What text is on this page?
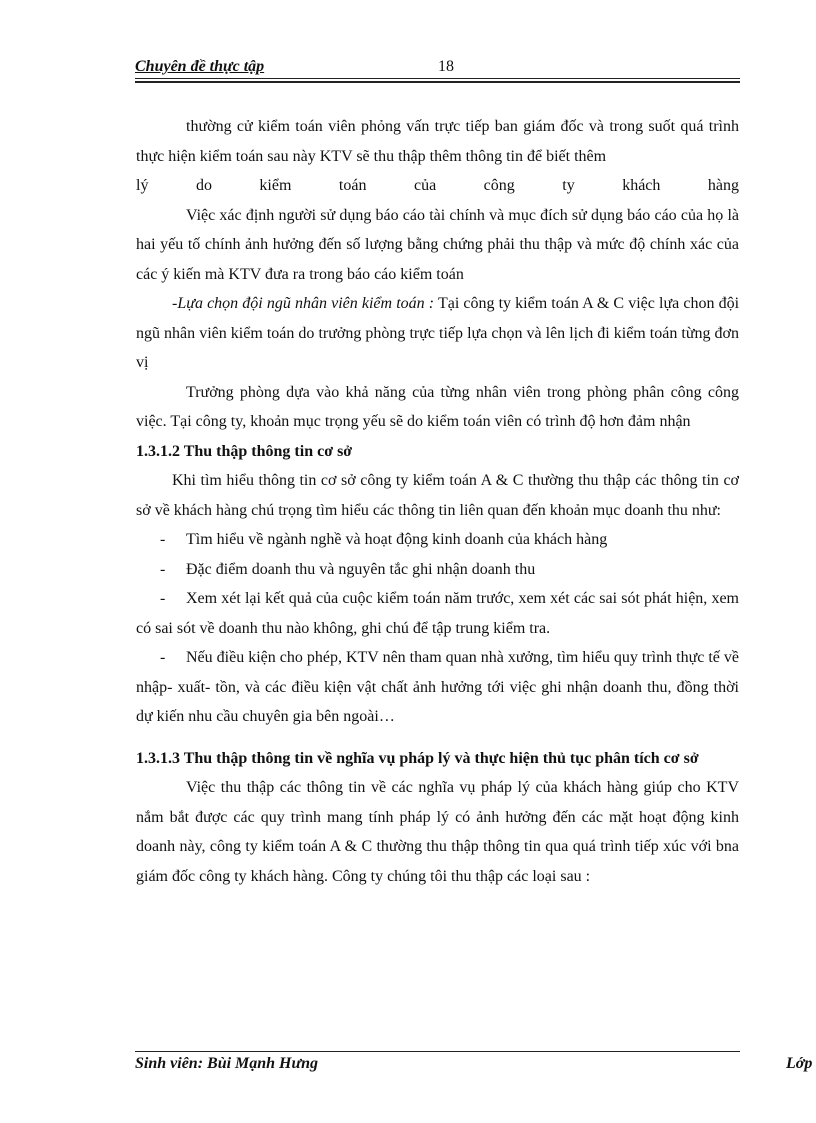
Chuyên đề thực tập	18

thường cử kiểm toán viên phỏng vấn trực tiếp ban giám đốc và trong suốt quá trình thực hiện kiểm toán sau này KTV sẽ thu thập thêm thông tin để biết thêm

lý do kiểm toán của công ty khách hàng

Việc xác định người sử dụng báo cáo tài chính và mục đích sử dụng báo cáo của họ là hai yếu tố chính ảnh hưởng đến số lượng bằng chứng phải thu thập và mức độ chính xác của các ý kiến mà KTV đưa ra trong báo cáo kiểm toán

-Lựa chọn đội ngũ nhân viên kiểm toán : Tại công ty kiểm toán A & C việc lựa chon đội ngũ nhân viên kiểm toán do trưởng phòng trực tiếp lựa chọn và lên lịch đi kiểm toán từng đơn vị

Trưởng phòng dựa vào khả năng của từng nhân viên trong phòng phân công công việc. Tại công ty, khoản mục trọng yếu sẽ do kiểm toán viên có trình độ hơn đảm nhận

1.3.1.2 Thu thập thông tin cơ sở

Khi tìm hiểu thông tin cơ sở công ty kiểm toán A & C thường thu thập các thông tin cơ sở về khách hàng chú trọng tìm hiểu các thông tin liên quan đến khoản mục doanh thu như:

- Tìm hiểu về ngành nghề và hoạt động kinh doanh của khách hàng

- Đặc điểm doanh thu và nguyên tắc ghi nhận doanh thu

- Xem xét lại kết quả của cuộc kiểm toán năm trước, xem xét các sai sót phát hiện, xem có sai sót về doanh thu nào không, ghi chú để tập trung kiểm tra.

- Nếu điều kiện cho phép, KTV nên tham quan nhà xưởng, tìm hiểu quy trình thực tế về nhập- xuất- tồn, và các điều kiện vật chất ảnh hưởng tới việc ghi nhận doanh thu, đồng thời dự kiến nhu cầu chuyên gia bên ngoài…

1.3.1.3 Thu thập thông tin về nghĩa vụ pháp lý và thực hiện thủ tục phân tích cơ sở

Việc thu thập các thông tin về các nghĩa vụ pháp lý của khách hàng giúp cho KTV nắm bắt được các quy trình mang tính pháp lý có ảnh hưởng đến các mặt hoạt động kinh doanh này, công ty kiểm toán A & C thường thu thập thông tin qua quá trình tiếp xúc với bna giám đốc công ty khách hàng. Công ty chúng tôi thu thập các loại sau :

Sinh viên: Bùi Mạnh Hưng	Lớp
